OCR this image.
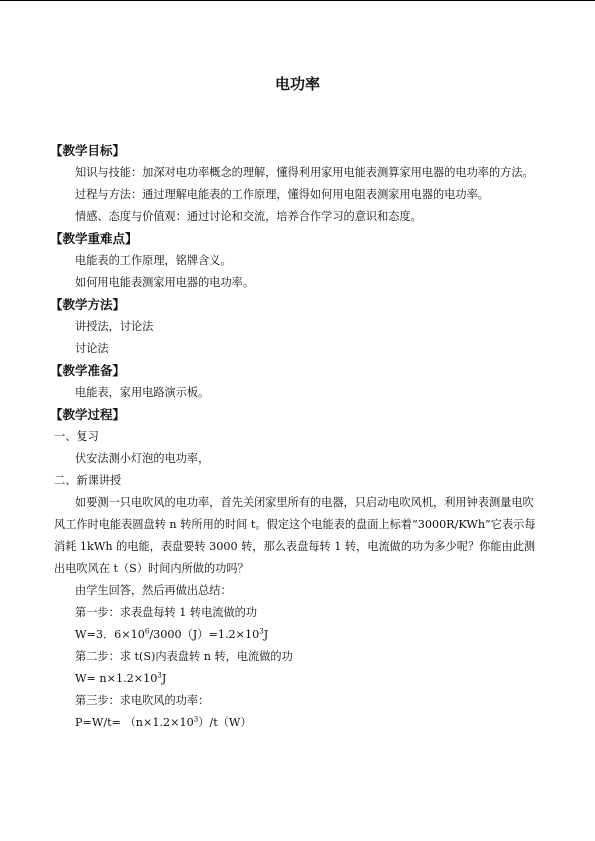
电功率
【教学目标】
知识与技能：加深对电功率概念的理解，懂得利用家用电能表测算家用电器的电功率的方法。
过程与方法：通过理解电能表的工作原理，懂得如何用电阻表测家用电器的电功率。
情感、态度与价值观：通过讨论和交流，培养合作学习的意识和态度。
【教学重难点】
电能表的工作原理，铭牌含义。
如何用电能表测家用电器的电功率。
【教学方法】
讲授法，讨论法
讨论法
【教学准备】
电能表，家用电路演示板。
【教学过程】
一、复习
伏安法测小灯泡的电功率，
二、新课讲授
如要测一只电吹风的电功率，首先关闭家里所有的电器，只启动电吹风机，利用钟表测量电吹风工作时电能表圆盘转 n 转所用的时间 t。假定这个电能表的盘面上标着“3000R/KWh”它表示每消耗 1kWh 的电能，表盘要转 3000 转，那么表盘每转 1 转，电流做的功为多少呢？你能由此测出电吹风在 t（S）时间内所做的功吗？
由学生回答，然后再做出总结：
第一步：求表盘每转 1 转电流做的功
W=3．$6\times 10^6/3000(J)=1.2\times 10^3J$
第二步：求 t(S)内表盘转 n 转，电流做的功
$W= n\times 1.2\times 10^3J$
第三步：求电吹风的功率：
$P=W/t= (n\times 1.2\times 10^3)/t(W)$
